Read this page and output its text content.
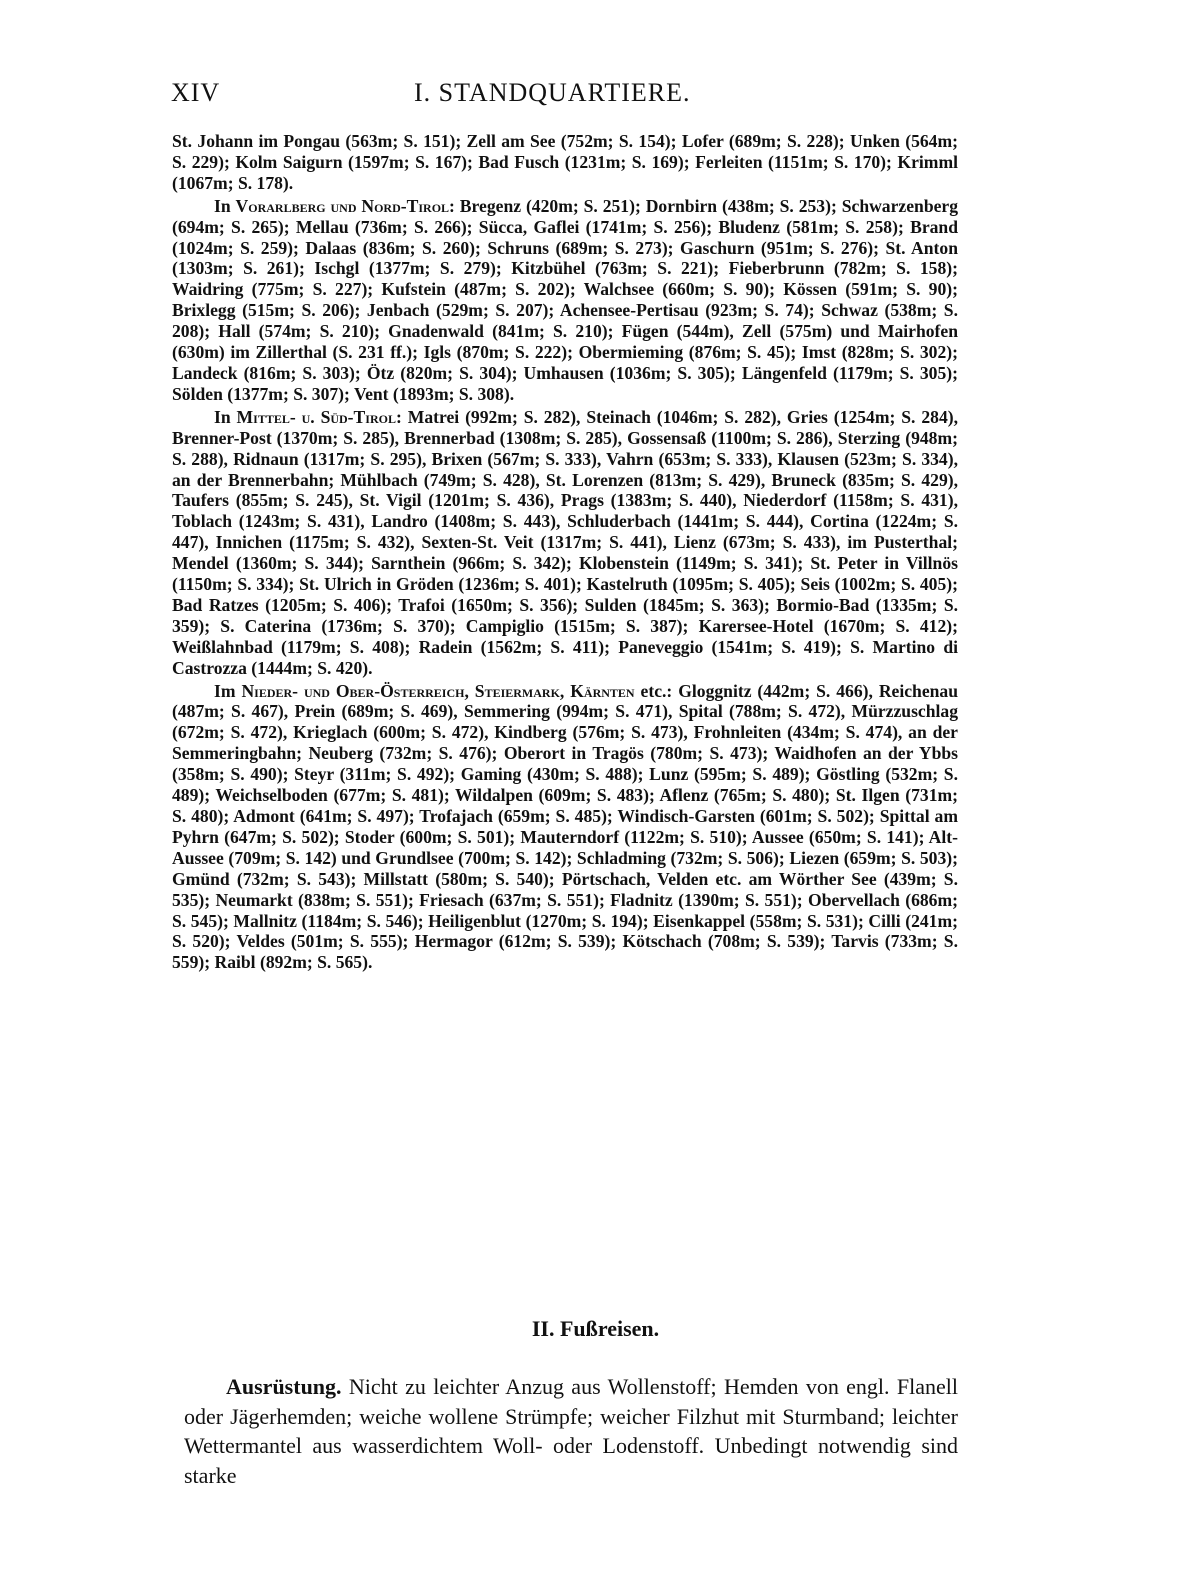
XIV	I. STANDQUARTIERE.

St. Johann im Pongau (563m; S. 151); Zell am See (752m; S. 154); Lofer (689m; S. 228); Unken (564m; S. 229); Kolm Saigurn (1597m; S. 167); Bad Fusch (1231m; S. 169); Ferleiten (1151m; S. 170); Krimml (1067m; S. 178).

In Vorarlberg und Nord-Tirol: Bregenz (420m; S. 251); Dornbirn (438m; S. 253); Schwarzenberg (694m; S. 265); Mellau (736m; S. 266); Sücca, Gaflei (1741m; S. 256); Bludenz (581m; S. 258); Brand (1024m; S. 259); Dalaas (836m; S. 260); Schruns (689m; S. 273); Gaschurn (951m; S. 276); St. Anton (1303m; S. 261); Ischgl (1377m; S. 279); Kitzbühel (763m; S. 221); Fieberbrunn (782m; S. 158); Waidring (775m; S. 227); Kufstein (487m; S. 202); Walchsee (660m; S. 90); Kössen (591m; S. 90); Brixlegg (515m; S. 206); Jenbach (529m; S. 207); Achensee-Pertisau (923m; S. 74); Schwaz (538m; S. 208); Hall (574m; S. 210); Gnadenwald (841m; S. 210); Fügen (544m), Zell (575m) und Mairhofen (630m) im Zillerthal (S. 231 ff.); Igls (870m; S. 222); Obermieming (876m; S. 45); Imst (828m; S. 302); Landeck (816m; S. 303); Ötz (820m; S. 304); Umhausen (1036m; S. 305); Längenfeld (1179m; S. 305); Sölden (1377m; S. 307); Vent (1893m; S. 308).

In Mittel- u. Süd-Tirol: Matrei (992m; S. 282), Steinach (1046m; S. 282), Gries (1254m; S. 284), Brenner-Post (1370m; S. 285), Brennerbad (1308m; S. 285), Gossensaß (1100m; S. 286), Sterzing (948m; S. 288), Ridnaun (1317m; S. 295), Brixen (567m; S. 333), Vahrn (653m; S. 333), Klausen (523m; S. 334), an der Brennerbahn; Mühlbach (749m; S. 428), St. Lorenzen (813m; S. 429), Bruneck (835m; S. 429), Taufers (855m; S. 245), St. Vigil (1201m; S. 436), Prags (1383m; S. 440), Niederdorf (1158m; S. 431), Toblach (1243m; S. 431), Landro (1408m; S. 443), Schluderbach (1441m; S. 444), Cortina (1224m; S. 447), Innichen (1175m; S. 432), Sexten-St. Veit (1317m; S. 441), Lienz (673m; S. 433), im Pusterthal; Mendel (1360m; S. 344); Sarnthein (966m; S. 342); Klobenstein (1149m; S. 341); St. Peter in Villnös (1150m; S. 334); St. Ulrich in Gröden (1236m; S. 401); Kastelruth (1095m; S. 405); Seis (1002m; S. 405); Bad Ratzes (1205m; S. 406); Trafoi (1650m; S. 356); Sulden (1845m; S. 363); Bormio-Bad (1335m; S. 359); S. Caterina (1736m; S. 370); Campiglio (1515m; S. 387); Karersee-Hotel (1670m; S. 412); Weißlahnbad (1179m; S. 408); Radein (1562m; S. 411); Paneveggio (1541m; S. 419); S. Martino di Castrozza (1444m; S. 420).

Im Nieder- und Ober-Österreich, Steiermark, Kärnten etc.: Gloggnitz (442m; S. 466), Reichenau (487m; S. 467), Prein (689m; S. 469), Semmering (994m; S. 471), Spital (788m; S. 472), Mürzzuschlag (672m; S. 472), Krieglach (600m; S. 472), Kindberg (576m; S. 473), Frohnleiten (434m; S. 474), an der Semmeringbahn; Neuberg (732m; S. 476); Oberort in Tragös (780m; S. 473); Waidhofen an der Ybbs (358m; S. 490); Steyr (311m; S. 492); Gaming (430m; S. 488); Lunz (595m; S. 489); Göstling (532m; S. 489); Weichselboden (677m; S. 481); Wildalpen (609m; S. 483); Aflenz (765m; S. 480); St. Ilgen (731m; S. 480); Admont (641m; S. 497); Trofajach (659m; S. 485); Windisch-Garsten (601m; S. 502); Spittal am Pyhrn (647m; S. 502); Stoder (600m; S. 501); Mauterndorf (1122m; S. 510); Aussee (650m; S. 141); Alt-Aussee (709m; S. 142) und Grundlsee (700m; S. 142); Schladming (732m; S. 506); Liezen (659m; S. 503); Gmünd (732m; S. 543); Millstatt (580m; S. 540); Pörtschach, Velden etc. am Wörther See (439m; S. 535); Neumarkt (838m; S. 551); Friesach (637m; S. 551); Fladnitz (1390m; S. 551); Obervellach (686m; S. 545); Mallnitz (1184m; S. 546); Heiligenblut (1270m; S. 194); Eisenkappel (558m; S. 531); Cilli (241m; S. 520); Veldes (501m; S. 555); Hermagor (612m; S. 539); Kötschach (708m; S. 539); Tarvis (733m; S. 559); Raibl (892m; S. 565).

II. Fußreisen.

Ausrüstung. Nicht zu leichter Anzug aus Wollenstoff; Hemden von engl. Flanell oder Jägerhemden; weiche wollene Strümpfe; weicher Filzhut mit Sturmband; leichter Wettermantel aus wasserdichtem Woll- oder Lodenstoff. Unbedingt notwendig sind starke
